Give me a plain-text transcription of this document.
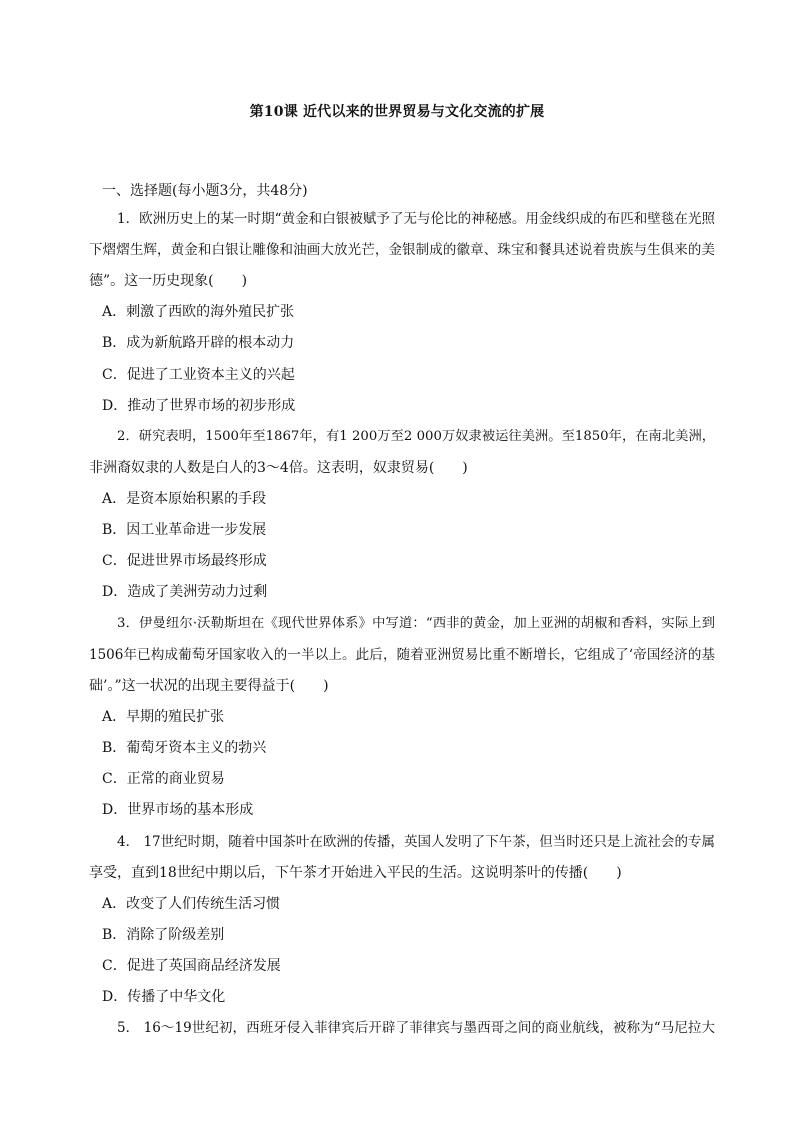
第10课 近代以来的世界贸易与文化交流的扩展
一、选择题(每小题3分，共48分)
1．欧洲历史上的某一时期“黄金和白银被赋予了无与伦比的神秘感。用金线织成的布匹和壁毯在光照
下熠熠生辉，黄金和白银让雕像和油画大放光芒，金银制成的徽章、珠宝和餐具述说着贵族与生俱来的美
德”。这一历史现象(　　)
A．刺激了西欧的海外殖民扩张
B．成为新航路开辟的根本动力
C．促进了工业资本主义的兴起
D．推动了世界市场的初步形成
2．研究表明，1500年至1867年，有1 200万至2 000万奴隶被运往美洲。至1850年，在南北美洲，
非洲裔奴隶的人数是白人的3～4倍。这表明，奴隶贸易(　　)
A．是资本原始积累的手段
B．因工业革命进一步发展
C．促进世界市场最终形成
D．造成了美洲劳动力过剩
3．伊曼纽尔·沃勒斯坦在《现代世界体系》中写道：“西非的黄金，加上亚洲的胡椒和香料，实际上到
1506年已构成葡萄牙国家收入的一半以上。此后，随着亚洲贸易比重不断增长，它组成了‘帝国经济的基
础’。”这一状况的出现主要得益于(　　)
A．早期的殖民扩张
B．葡萄牙资本主义的勃兴
C．正常的商业贸易
D．世界市场的基本形成
4． 17世纪时期，随着中国茶叶在欧洲的传播，英国人发明了下午茶，但当时还只是上流社会的专属
享受，直到18世纪中期以后，下午茶才开始进入平民的生活。这说明茶叶的传播(　　)
A．改变了人们传统生活习惯
B．消除了阶级差别
C．促进了英国商品经济发展
D．传播了中华文化
5． 16～19世纪初，西班牙侵入菲律宾后开辟了菲律宾与墨西哥之间的商业航线，被称为“马尼拉大
